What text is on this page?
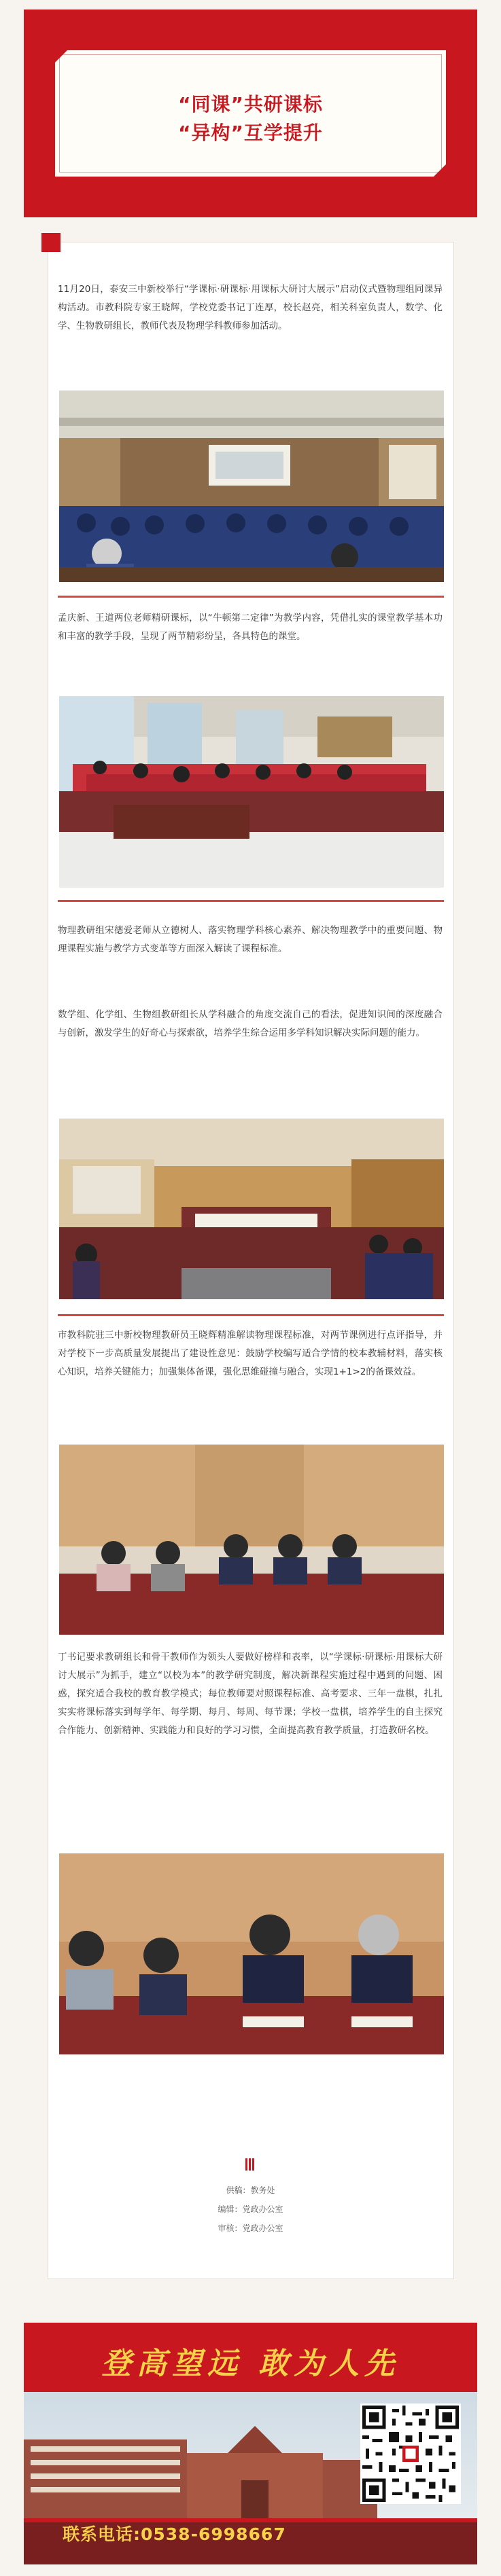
“同课”共研课标
“异构”互学提升

11月20日，泰安三中新校举行“学课标·研课标·用课标大研讨大展示”启动仪式暨物理组同课异构活动。市教科院专家王晓辉，学校党委书记丁连厚，校长赵亮，相关科室负责人，数学、化学、生物教研组长，教师代表及物理学科教师参加活动。

孟庆新、王道两位老师精研课标，以“牛顿第二定律”为教学内容，凭借扎实的课堂教学基本功和丰富的教学手段，呈现了两节精彩纷呈，各具特色的课堂。

物理教研组宋德爱老师从立德树人、落实物理学科核心素养、解决物理教学中的重要问题、物理课程实施与教学方式变革等方面深入解读了课程标准。

数学组、化学组、生物组教研组长从学科融合的角度交流自己的看法，促进知识间的深度融合与创新，激发学生的好奇心与探索欲，培养学生综合运用多学科知识解决实际问题的能力。

市教科院驻三中新校物理教研员王晓辉精准解读物理课程标准，对两节课例进行点评指导，并对学校下一步高质量发展提出了建设性意见：鼓励学校编写适合学情的校本教辅材料，落实核心知识，培养关键能力；加强集体备课，强化思维碰撞与融合，实现1+1>2的备课效益。

丁书记要求教研组长和骨干教师作为领头人要做好榜样和表率，以“学课标·研课标·用课标大研讨大展示”为抓手，建立“以校为本”的教学研究制度，解决新课程实施过程中遇到的问题、困惑，探究适合我校的教育教学模式；每位教师要对照课程标准、高考要求、三年一盘棋，扎扎实实将课标落实到每学年、每学期、每月、每周、每节课；学校一盘棋，培养学生的自主探究合作能力、创新精神、实践能力和良好的学习习惯，全面提高教育教学质量，打造教研名校。

供稿：教务处
编辑：党政办公室
审核：党政办公室
登高望远 敢为人先
联系电话:0538-6998667
